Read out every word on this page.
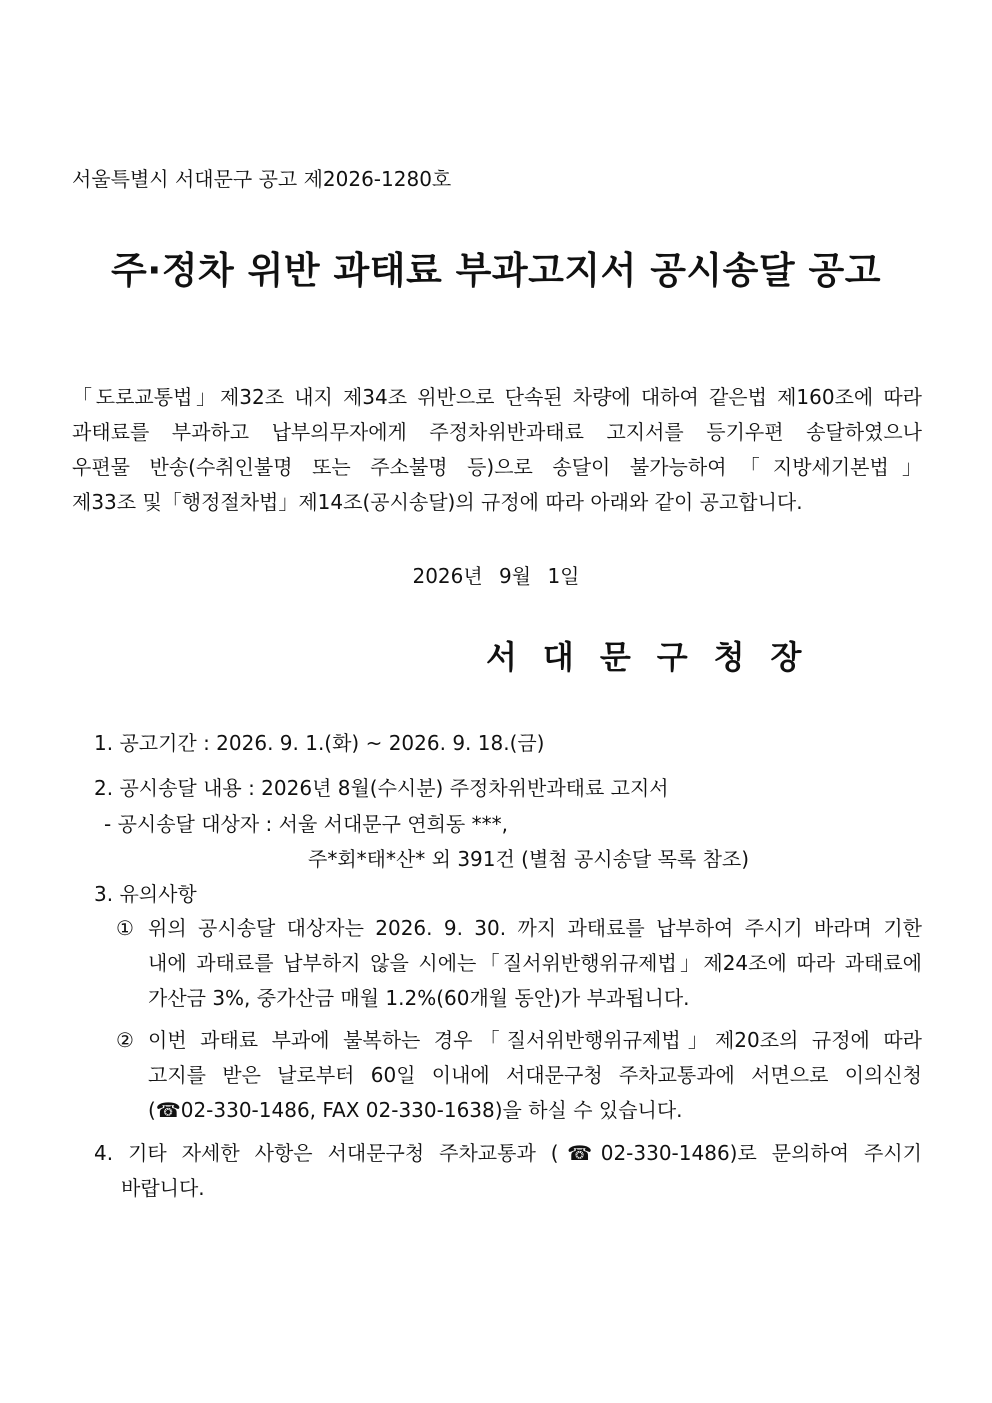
서울특별시 서대문구 공고 제2026-1280호
주·정차 위반 과태료 부과고지서 공시송달 공고
「도로교통법」제32조 내지 제34조 위반으로 단속된 차량에 대하여 같은법 제160조에 따라
과태료를 부과하고 납부의무자에게 주정차위반과태료 고지서를 등기우편 송달하였으나
우편물 반송(수취인불명 또는 주소불명 등)으로 송달이 불가능하여「지방세기본법」
제33조 및「행정절차법」제14조(공시송달)의 규정에 따라 아래와 같이 공고합니다.
2026년 9월 1일
서대문구청장
1. 공고기간 : 2026. 9. 1.(화) ~ 2026. 9. 18.(금)
2. 공시송달 내용 : 2026년 8월(수시분) 주정차위반과태료 고지서
- 공시송달 대상자 : 서울 서대문구 연희동 ***,
주*회*태*산* 외 391건 (별첨 공시송달 목록 참조)
3. 유의사항
① 위의 공시송달 대상자는 2026. 9. 30. 까지 과태료를 납부하여 주시기 바라며 기한
내에 과태료를 납부하지 않을 시에는「질서위반행위규제법」제24조에 따라 과태료에
가산금 3%, 중가산금 매월 1.2%(60개월 동안)가 부과됩니다.
② 이번 과태료 부과에 불복하는 경우「질서위반행위규제법」제20조의 규정에 따라
고지를 받은 날로부터 60일 이내에 서대문구청 주차교통과에 서면으로 이의신청
(☎02-330-1486, FAX 02-330-1638)을 하실 수 있습니다.
4. 기타 자세한 사항은 서대문구청 주차교통과 (☎02-330-1486)로 문의하여 주시기
바랍니다.
